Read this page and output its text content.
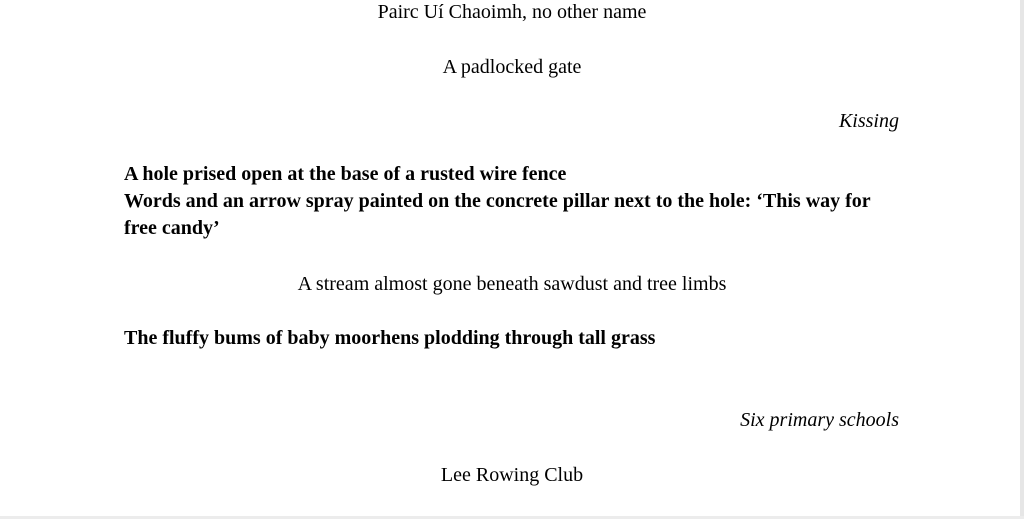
Pairc Uí Chaoimh, no other name
A padlocked gate
Kissing

A hole prised open at the base of a rusted wire fence

Words and an arrow spray painted on the concrete pillar next to the hole: ‘This way for free candy’

A stream almost gone beneath sawdust and tree limbs
The fluffy bums of baby moorhens plodding through tall grass
Six primary schools
Lee Rowing Club
